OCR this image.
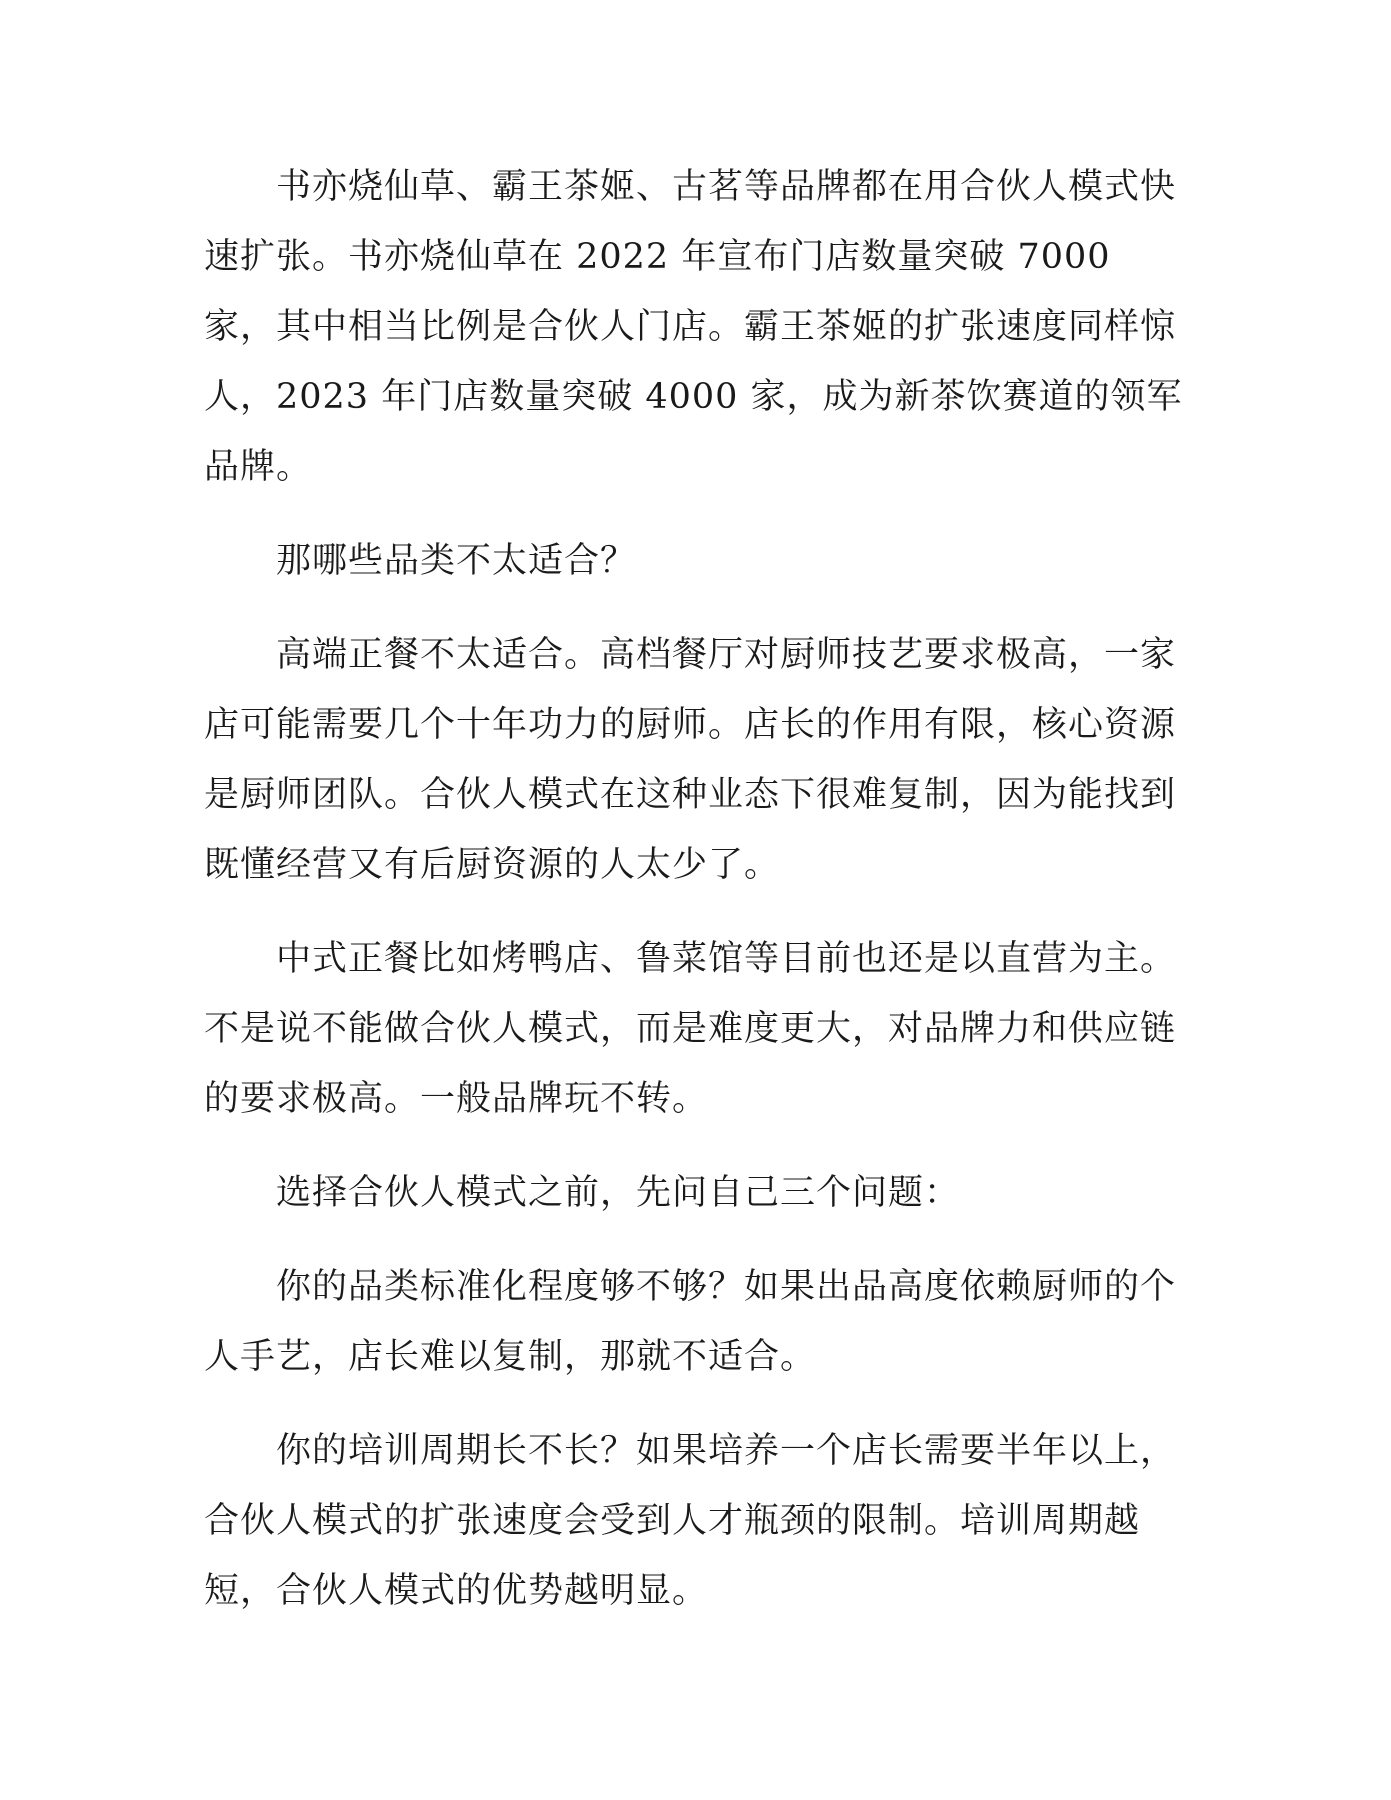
书亦烧仙草、霸王茶姬、古茗等品牌都在用合伙人模式快速扩张。书亦烧仙草在 2022 年宣布门店数量突破 7000 家，其中相当比例是合伙人门店。霸王茶姬的扩张速度同样惊人，2023 年门店数量突破 4000 家，成为新茶饮赛道的领军品牌。

那哪些品类不太适合？

高端正餐不太适合。高档餐厅对厨师技艺要求极高，一家店可能需要几个十年功力的厨师。店长的作用有限，核心资源是厨师团队。合伙人模式在这种业态下很难复制，因为能找到既懂经营又有后厨资源的人太少了。

中式正餐比如烤鸭店、鲁菜馆等目前也还是以直营为主。不是说不能做合伙人模式，而是难度更大，对品牌力和供应链的要求极高。一般品牌玩不转。

选择合伙人模式之前，先问自己三个问题：

你的品类标准化程度够不够？如果出品高度依赖厨师的个人手艺，店长难以复制，那就不适合。

你的培训周期长不长？如果培养一个店长需要半年以上，合伙人模式的扩张速度会受到人才瓶颈的限制。培训周期越短，合伙人模式的优势越明显。
